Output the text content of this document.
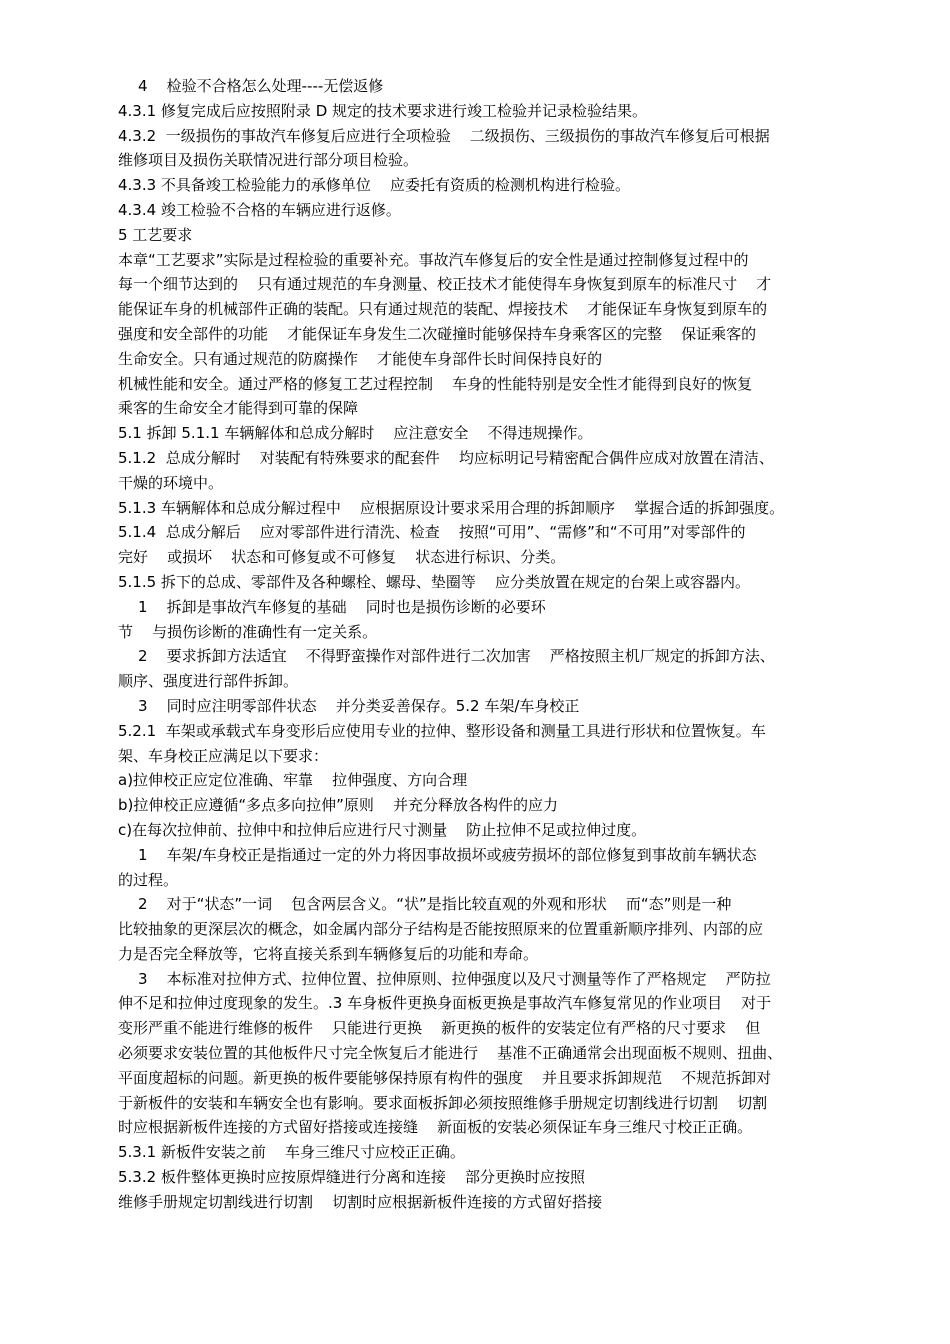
4    检验不合格怎么处理----无偿返修

4.3.1 修复完成后应按照附录 D 规定的技术要求进行竣工检验并记录检验结果。

4.3.2  一级损伤的事故汽车修复后应进行全项检验    二级损伤、三级损伤的事故汽车修复后可根据

维修项目及损伤关联情况进行部分项目检验。

4.3.3 不具备竣工检验能力的承修单位    应委托有资质的检测机构进行检验。

4.3.4 竣工检验不合格的车辆应进行返修。

5 工艺要求

本章“工艺要求”实际是过程检验的重要补充。事故汽车修复后的安全性是通过控制修复过程中的

每一个细节达到的    只有通过规范的车身测量、校正技术才能使得车身恢复到原车的标准尺寸    才

能保证车身的机械部件正确的装配。只有通过规范的装配、焊接技术    才能保证车身恢复到原车的

强度和安全部件的功能    才能保证车身发生二次碰撞时能够保持车身乘客区的完整    保证乘客的

生命安全。只有通过规范的防腐操作    才能使车身部件长时间保持良好的

机械性能和安全。通过严格的修复工艺过程控制    车身的性能特别是安全性才能得到良好的恢复

乘客的生命安全才能得到可靠的保障

5.1 拆卸 5.1.1 车辆解体和总成分解时    应注意安全    不得违规操作。

5.1.2  总成分解时    对装配有特殊要求的配套件    均应标明记号精密配合偶件应成对放置在清洁、

干燥的环境中。

5.1.3 车辆解体和总成分解过程中    应根据原设计要求采用合理的拆卸顺序    掌握合适的拆卸强度。

5.1.4  总成分解后    应对零部件进行清洗、检查    按照“可用”、“需修”和“不可用”对零部件的

完好    或损坏    状态和可修复或不可修复    状态进行标识、分类。

5.1.5 拆下的总成、零部件及各种螺栓、螺母、垫圈等    应分类放置在规定的台架上或容器内。

1    拆卸是事故汽车修复的基础    同时也是损伤诊断的必要环

节    与损伤诊断的准确性有一定关系。

2    要求拆卸方法适宜    不得野蛮操作对部件进行二次加害    严格按照主机厂规定的拆卸方法、

顺序、强度进行部件拆卸。

3    同时应注明零部件状态    并分类妥善保存。5.2 车架/车身校正

5.2.1  车架或承载式车身变形后应使用专业的拉伸、整形设备和测量工具进行形状和位置恢复。车

架、车身校正应满足以下要求：

a)拉伸校正应定位准确、牢靠    拉伸强度、方向合理

b)拉伸校正应遵循“多点多向拉伸”原则    并充分释放各构件的应力

c)在每次拉伸前、拉伸中和拉伸后应进行尺寸测量    防止拉伸不足或拉伸过度。

1    车架/车身校正是指通过一定的外力将因事故损坏或疲劳损坏的部位修复到事故前车辆状态

的过程。

2    对于“状态”一词    包含两层含义。“状”是指比较直观的外观和形状    而“态”则是一种

比较抽象的更深层次的概念，如金属内部分子结构是否能按照原来的位置重新顺序排列、内部的应

力是否完全释放等，它将直接关系到车辆修复后的功能和寿命。

3    本标准对拉伸方式、拉伸位置、拉伸原则、拉伸强度以及尺寸测量等作了严格规定    严防拉

伸不足和拉伸过度现象的发生。.3 车身板件更换身面板更换是事故汽车修复常见的作业项目    对于

变形严重不能进行维修的板件    只能进行更换    新更换的板件的安装定位有严格的尺寸要求    但

必须要求安装位置的其他板件尺寸完全恢复后才能进行    基准不正确通常会出现面板不规则、扭曲、

平面度超标的问题。新更换的板件要能够保持原有构件的强度    并且要求拆卸规范    不规范拆卸对

于新板件的安装和车辆安全也有影响。要求面板拆卸必须按照维修手册规定切割线进行切割    切割

时应根据新板件连接的方式留好搭接或连接缝    新面板的安装必须保证车身三维尺寸校正正确。

5.3.1 新板件安装之前    车身三维尺寸应校正正确。

5.3.2 板件整体更换时应按原焊缝进行分离和连接    部分更换时应按照

维修手册规定切割线进行切割    切割时应根据新板件连接的方式留好搭接
